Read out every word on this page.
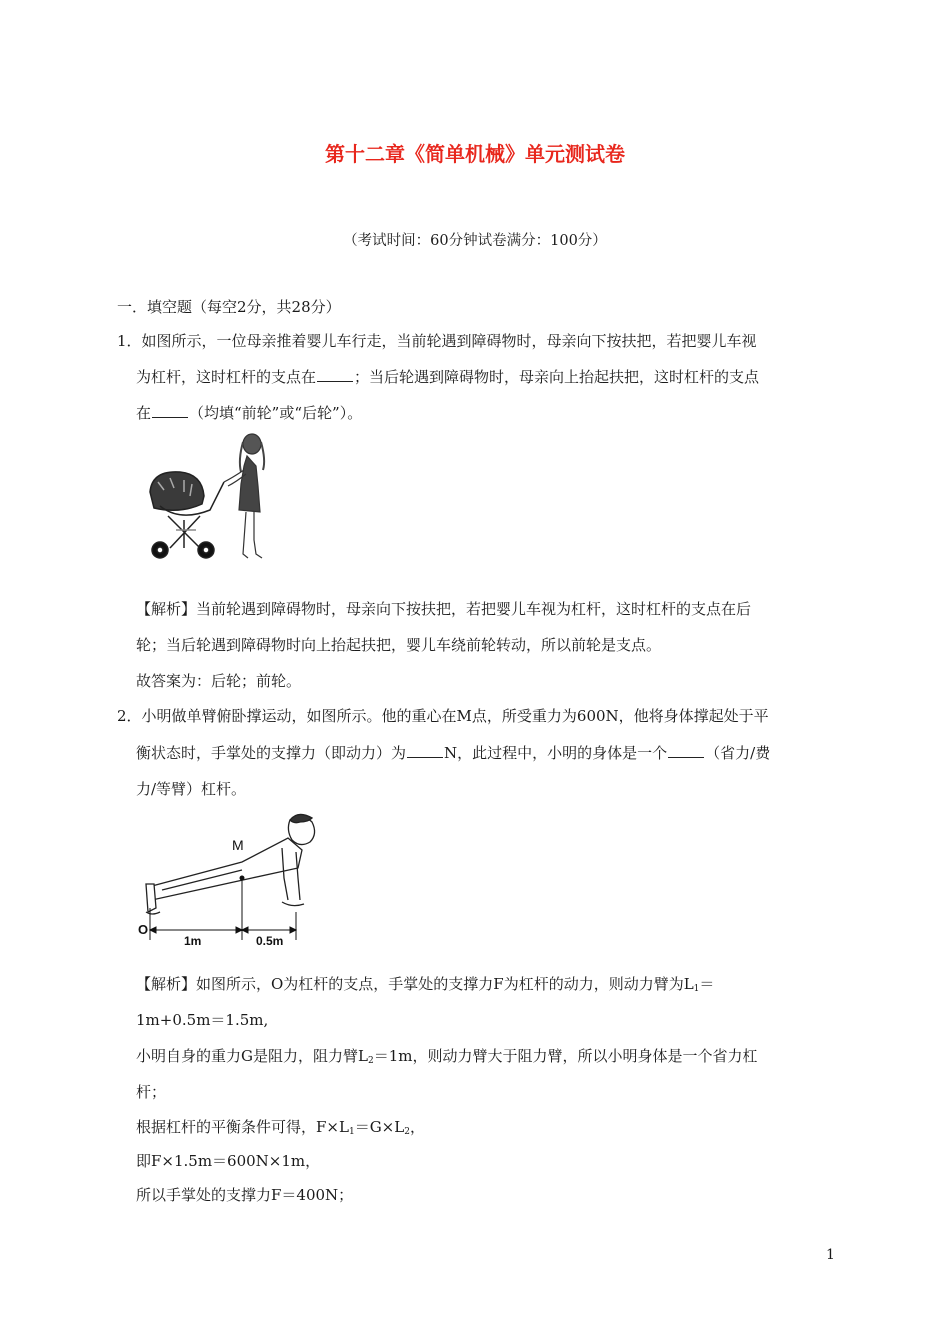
第十二章《简单机械》单元测试卷
（考试时间：60分钟试卷满分：100分）
一．填空题（每空2分，共28分）
1．如图所示，一位母亲推着婴儿车行走，当前轮遇到障碍物时，母亲向下按扶把，若把婴儿车视
为杠杆，这时杠杆的支点在	；当后轮遇到障碍物时，母亲向上抬起扶把，这时杠杆的支点
在	（均填“前轮”或“后轮”）。
【解析】当前轮遇到障碍物时，母亲向下按扶把，若把婴儿车视为杠杆，这时杠杆的支点在后
轮；当后轮遇到障碍物时向上抬起扶把，婴儿车绕前轮转动，所以前轮是支点。
故答案为：后轮；前轮。
2．小明做单臂俯卧撑运动，如图所示。他的重心在M点，所受重力为600N，他将身体撑起处于平
衡状态时，手掌处的支撑力（即动力）为	N，此过程中，小明的身体是一个	（省力/费
力/等臂）杠杆。
M
O
1m	0.5m
【解析】如图所示，O为杠杆的支点，手掌处的支撑力F为杠杆的动力，则动力臂为$L_1=$
1m+0.5m＝1.5m,
小明自身的重力G是阻力，阻力臂$L_2=1m$，则动力臂大于阻力臂，所以小明身体是一个省力杠
杆；
根据杠杆的平衡条件可得，$F\times L_1=G\times L_2$，
即F×1.5m＝600N×1m，
所以手掌处的支撑力F＝400N；
1
